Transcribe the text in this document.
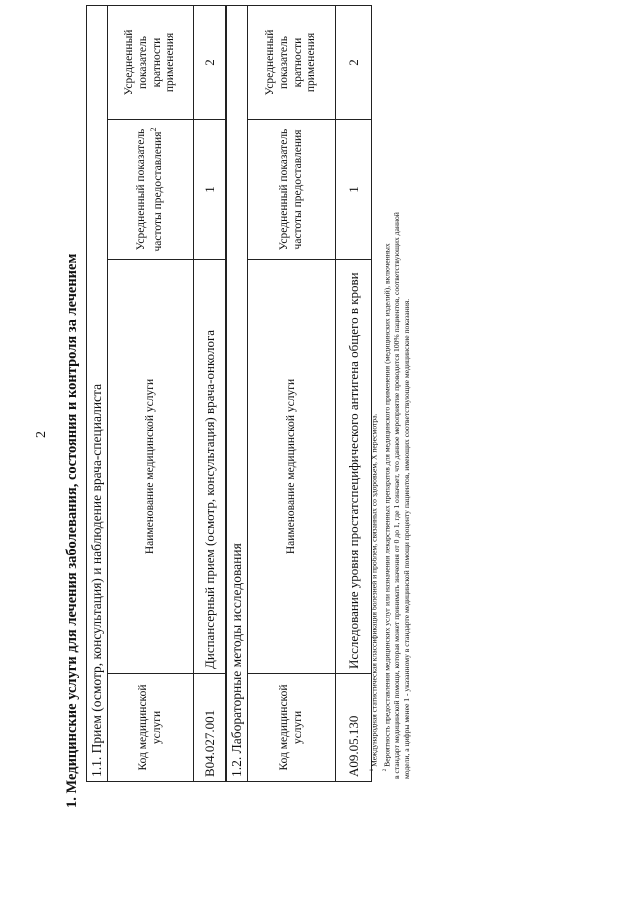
2 1. Медицинские услуги для лечения заболевания, состояния и контроля за лечением 1.1. Прием (осмотр, консультация) и наблюдение врача-специалиста			
Код медицинской услуги	Наименование медицинской услуги	Усредненный показатель частоты предоставления$^2$	Усредненный показатель кратности применения
B04.027.001	Диспансерный прием (осмотр, консультация) врача-онколога	1	2
1.2. Лабораторные методы исследования			
Код медицинской услуги	Наименование медицинской услуги	Усредненный показатель частоты предоставления	Усредненный показатель кратности применения
A09.05.130	Исследование уровня простатспецифического антигена общего в крови	1	2
$^1$ Международная статистическая классификация болезней и проблем, связанных со здоровьем, X пересмотра.
$^2$ Вероятность предоставления медицинских услуг или назначения лекарственных препаратов для медицинского применения (медицинских изделий), включенных в стандарт медицинской помощи, которая может принимать значения от 0 до 1, где 1 означает, что данное мероприятие проводится 100% пациентов, соответствующих данной модели, а цифры менее 1 - указанному в стандарте медицинской помощи проценту пациентов, имеющих соответствующие медицинские показания.
